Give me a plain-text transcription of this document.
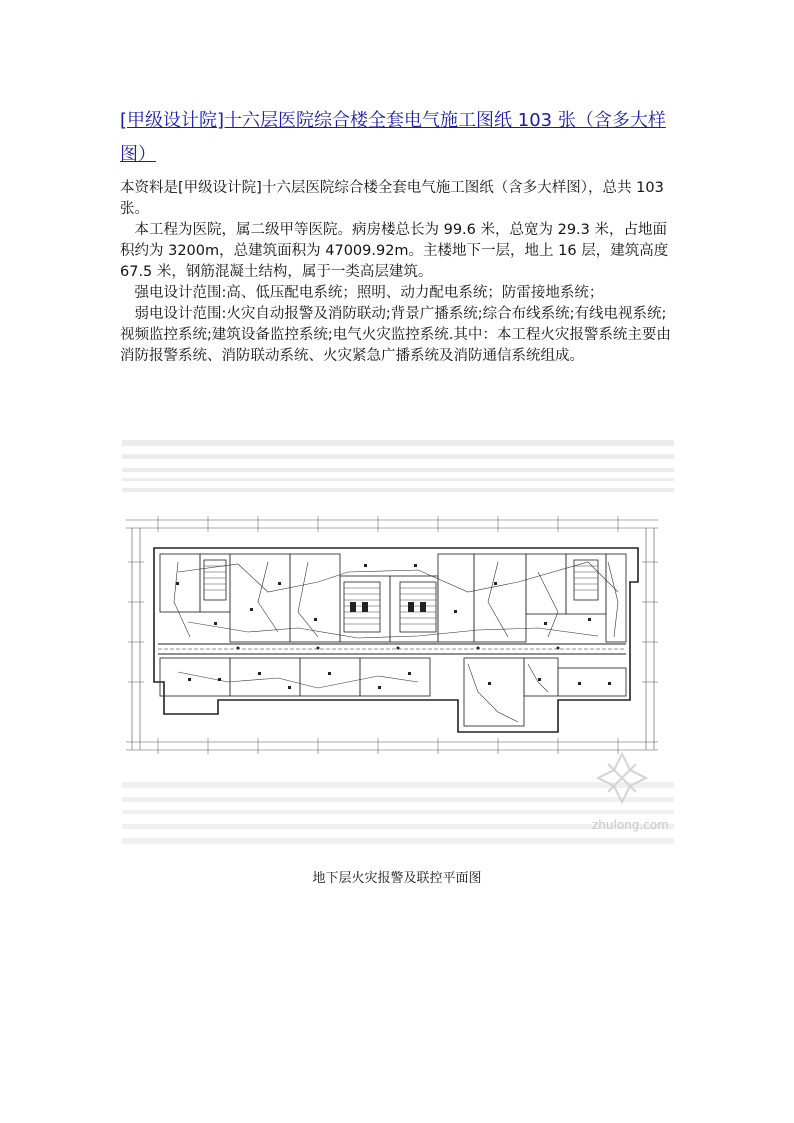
[甲级设计院]十六层医院综合楼全套电气施工图纸 103 张（含多大样图）

本资料是[甲级设计院]十六层医院综合楼全套电气施工图纸（含多大样图），总共 103 张。

本工程为医院，属二级甲等医院。病房楼总长为 99.6 米，总宽为 29.3 米，占地面积约为 3200m，总建筑面积为 47009.92m。主楼地下一层，地上 16 层，建筑高度 67.5 米，钢筋混凝土结构，属于一类高层建筑。

强电设计范围:高、低压配电系统；照明、动力配电系统；防雷接地系统；

弱电设计范围:火灾自动报警及消防联动;背景广播系统;综合布线系统;有线电视系统;视频监控系统;建筑设备监控系统;电气火灾监控系统.其中：本工程火灾报警系统主要由消防报警系统、消防联动系统、火灾紧急广播系统及消防通信系统组成。

zhulong.com
地下层火灾报警及联控平面图
